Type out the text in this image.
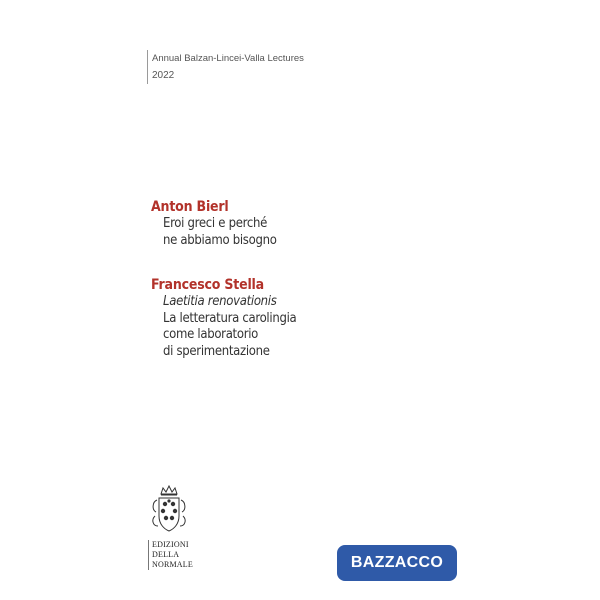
Annual Balzan-Lincei-Valla Lectures
2022
Anton Bierl
Eroi greci e perché
ne abbiamo bisogno
Francesco Stella
Laetitia renovationis
La letteratura carolingia
come laboratorio
di sperimentazione
EDIZIONI
DELLA
NORMALE	BAZZACCO
